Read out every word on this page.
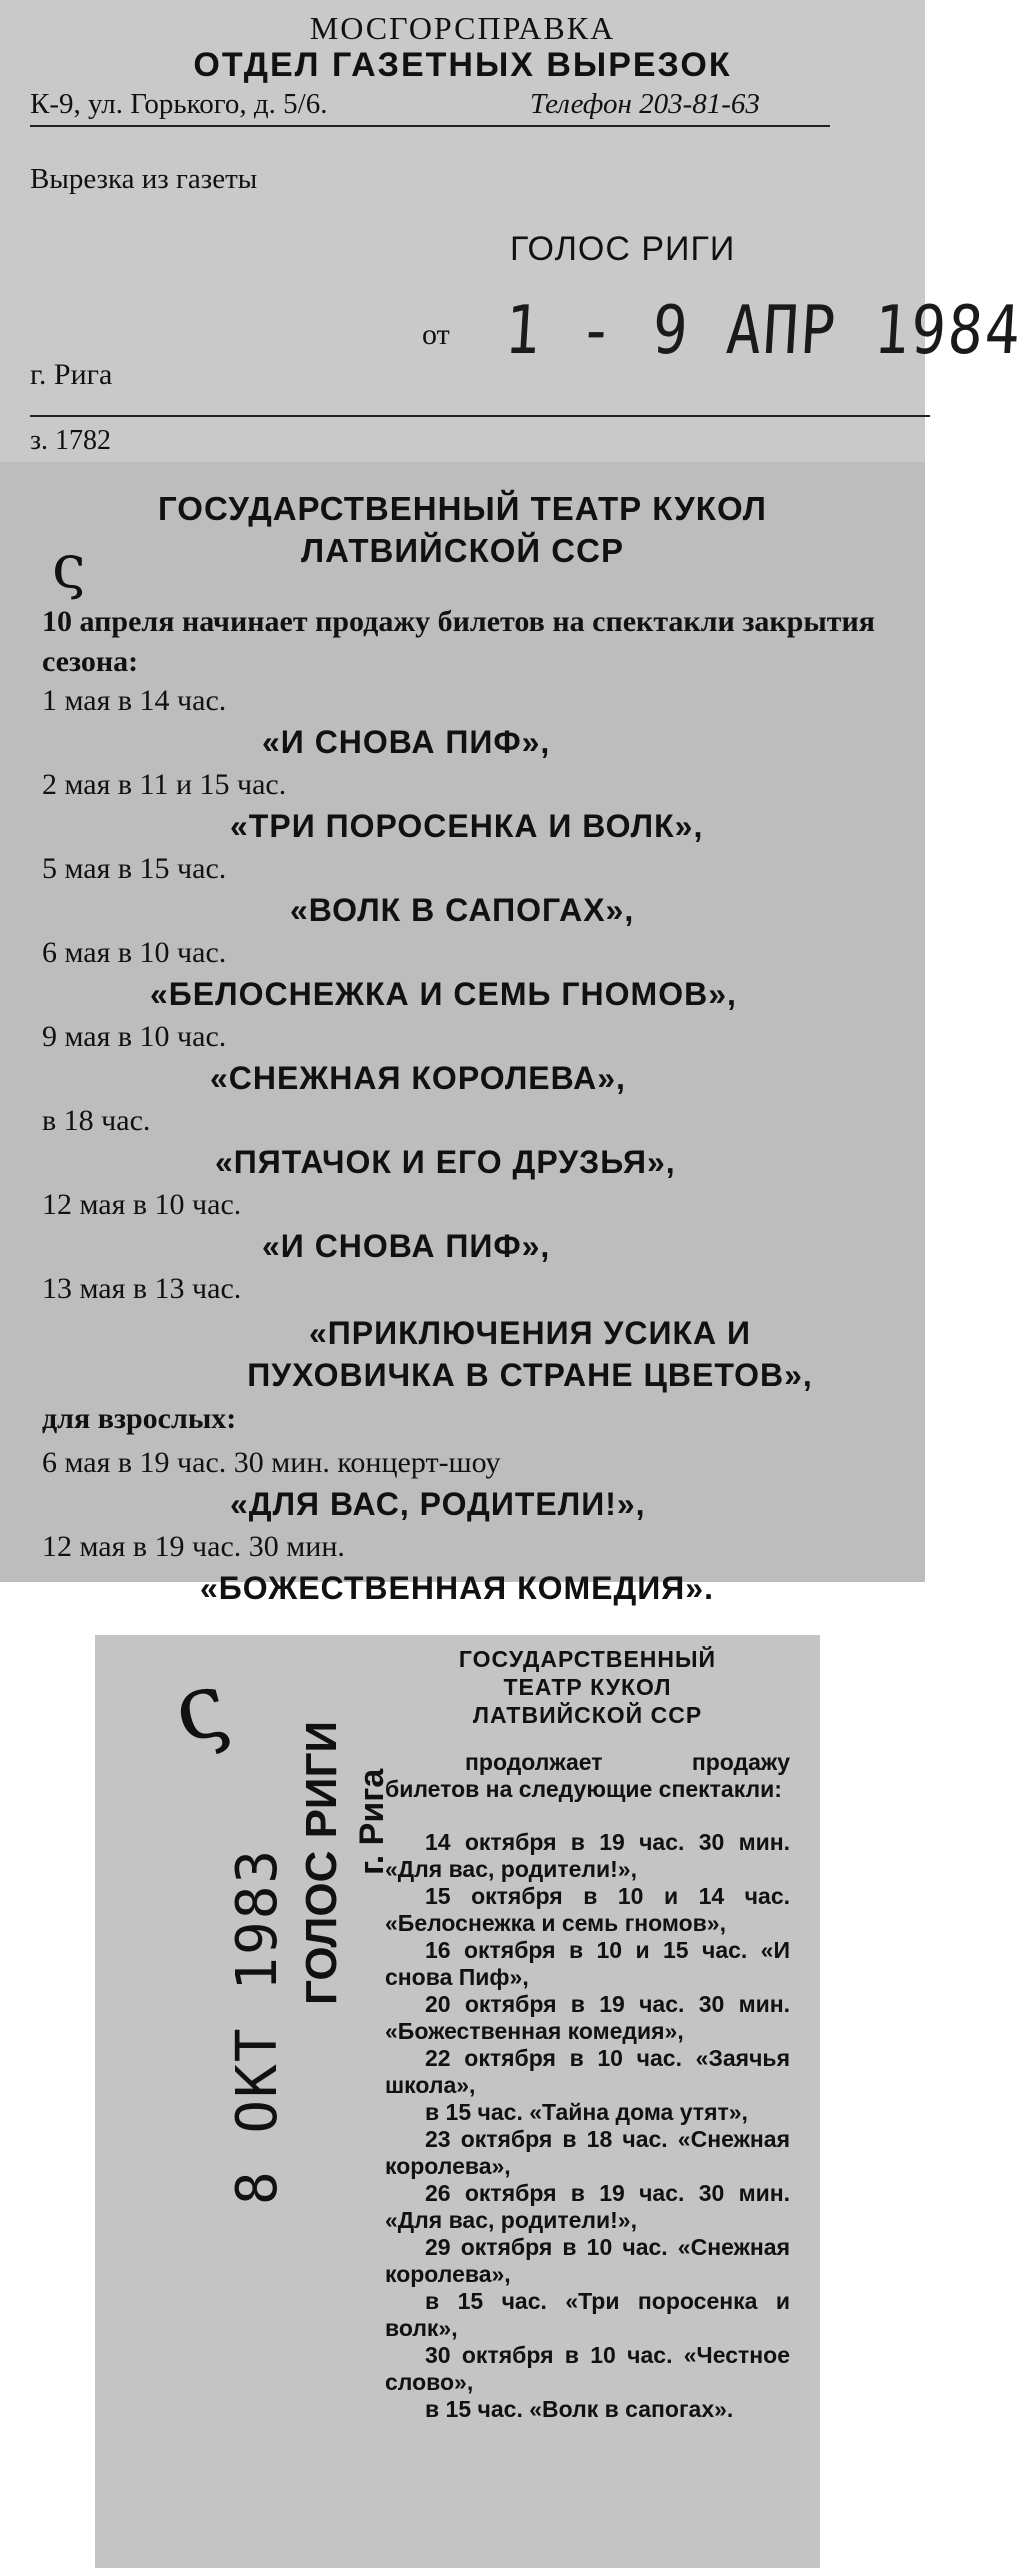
МОСГОРСПРАВКА
ОТДЕЛ ГАЗЕТНЫХ ВЫРЕЗОК
К-9, ул. Горького, д. 5/6.	Телефон 203-81-63
Вырезка из газеты
ГОЛОС РИГИ
от 1 - 9 АПР 1984
г. Рига
з. 1782
ς
ГОСУДАРСТВЕННЫЙ ТЕАТР КУКОЛ
ЛАТВИЙСКОЙ ССР
10 апреля начинает продажу билетов на спектакли закрытия сезона:
1 мая в 14 час.
«И СНОВА ПИФ»,
2 мая в 11 и 15 час.
«ТРИ ПОРОСЕНКА И ВОЛК»,
5 мая в 15 час.
«ВОЛК В САПОГАХ»,
6 мая в 10 час.
«БЕЛОСНЕЖКА И СЕМЬ ГНОМОВ»,
9 мая в 10 час.
«СНЕЖНАЯ КОРОЛЕВА»,
в 18 час.
«ПЯТАЧОК И ЕГО ДРУЗЬЯ»,
12 мая в 10 час.
«И СНОВА ПИФ»,
13 мая в 13 час.
«ПРИКЛЮЧЕНИЯ УСИКА И ПУХОВИЧКА В СТРАНЕ ЦВЕТОВ»,
для взрослых:
6 мая в 19 час. 30 мин. концерт-шоу
«ДЛЯ ВАС, РОДИТЕЛИ!»,
12 мая в 19 час. 30 мин.
«БОЖЕСТВЕННАЯ КОМЕДИЯ».
ς
8 ОКТ 1983 ГОЛОС РИГИ г. Рига
ГОСУДАРСТВЕННЫЙ
ТЕАТР КУКОЛ
ЛАТВИЙСКОЙ ССР

продолжает продажу билетов на следующие спектакли:

14 октября в 19 час. 30 мин. «Для вас, родители!»,

15 октября в 10 и 14 час. «Белоснежка и семь гномов»,

16 октября в 10 и 15 час. «И снова Пиф»,

20 октября в 19 час. 30 мин. «Божественная комедия»,

22 октября в 10 час. «Заячья школа»,

в 15 час. «Тайна дома утят»,

23 октября в 18 час. «Снежная королева»,

26 октября в 19 час. 30 мин. «Для вас, родители!»,

29 октября в 10 час. «Снежная королева»,

в 15 час. «Три поросенка и волк»,

30 октября в 10 час. «Честное слово»,

в 15 час. «Волк в сапогах».
